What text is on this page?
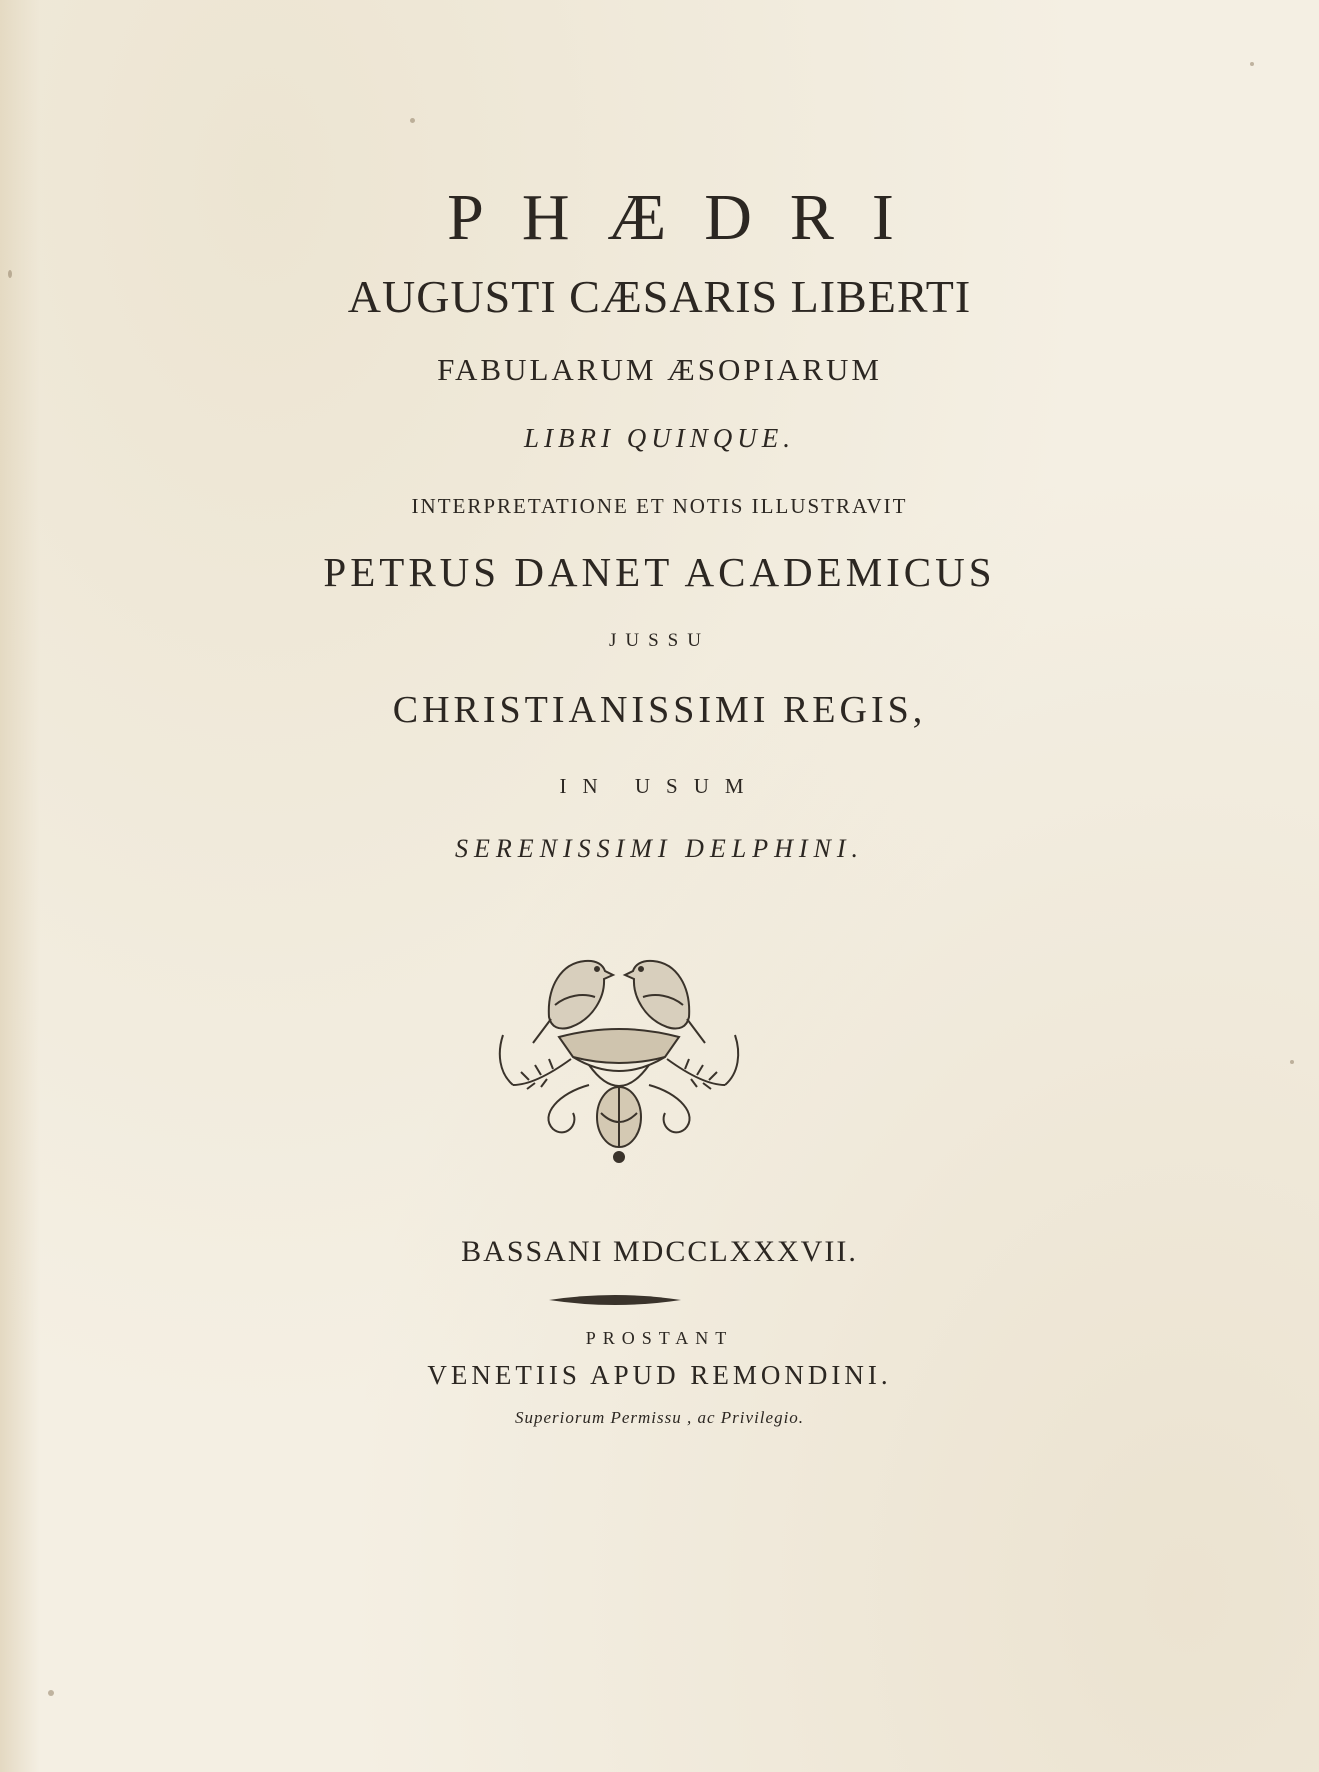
PHÆDRI
AUGUSTI CÆSARIS LIBERTI
FABULARUM ÆSOPIARUM
LIBRI QUINQUE.
INTERPRETATIONE ET NOTIS ILLUSTRAVIT
PETRUS DANET ACADEMICUS
JUSSU
CHRISTIANISSIMI REGIS,
IN USUM
SERENISSIMI DELPHINI.
BASSANI MDCCLXXXVII.
PROSTANT
VENETIIS APUD REMONDINI.
Superiorum Permissu , ac Privilegio.
